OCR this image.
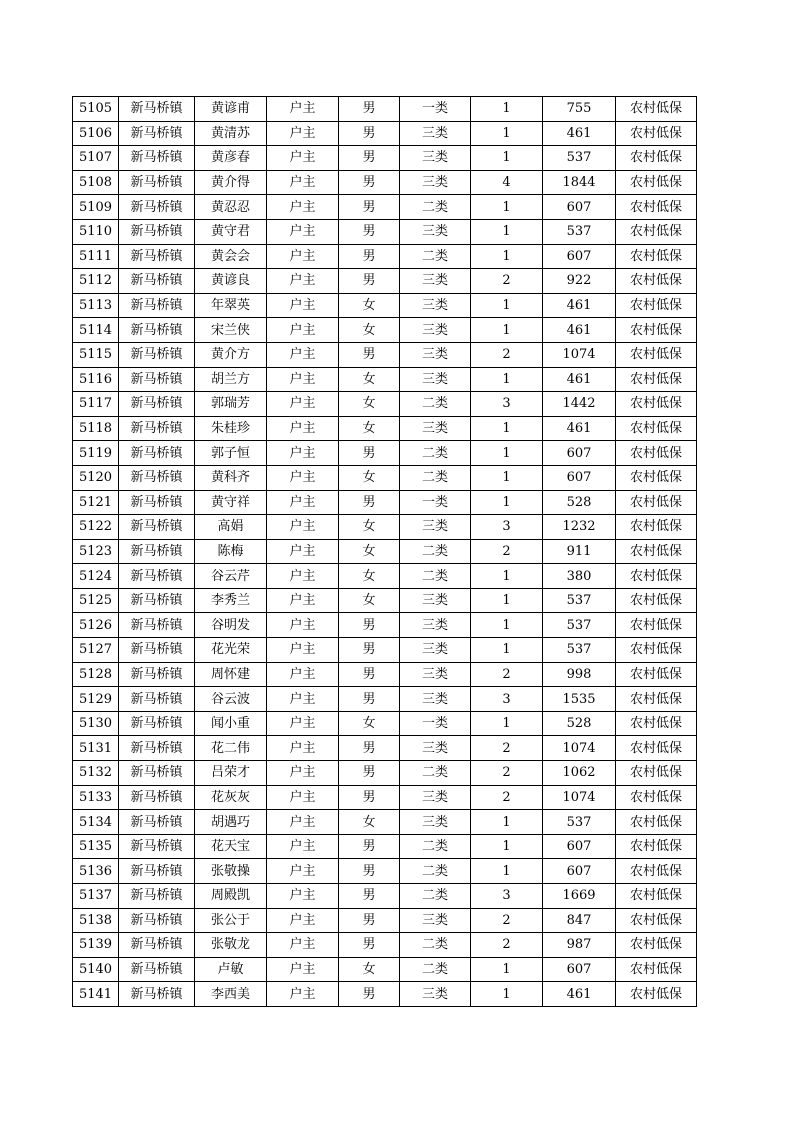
5105	新马桥镇	黄谚甫	户主	男	一类	1	755	农村低保
5106	新马桥镇	黄清苏	户主	男	三类	1	461	农村低保
5107	新马桥镇	黄彦春	户主	男	三类	1	537	农村低保
5108	新马桥镇	黄介得	户主	男	三类	4	1844	农村低保
5109	新马桥镇	黄忍忍	户主	男	二类	1	607	农村低保
5110	新马桥镇	黄守君	户主	男	三类	1	537	农村低保
5111	新马桥镇	黄会会	户主	男	二类	1	607	农村低保
5112	新马桥镇	黄谚良	户主	男	三类	2	922	农村低保
5113	新马桥镇	年翠英	户主	女	三类	1	461	农村低保
5114	新马桥镇	宋兰侠	户主	女	三类	1	461	农村低保
5115	新马桥镇	黄介方	户主	男	三类	2	1074	农村低保
5116	新马桥镇	胡兰方	户主	女	三类	1	461	农村低保
5117	新马桥镇	郭瑞芳	户主	女	二类	3	1442	农村低保
5118	新马桥镇	朱桂珍	户主	女	三类	1	461	农村低保
5119	新马桥镇	郭子恒	户主	男	二类	1	607	农村低保
5120	新马桥镇	黄科齐	户主	女	二类	1	607	农村低保
5121	新马桥镇	黄守祥	户主	男	一类	1	528	农村低保
5122	新马桥镇	高娟	户主	女	三类	3	1232	农村低保
5123	新马桥镇	陈梅	户主	女	二类	2	911	农村低保
5124	新马桥镇	谷云芹	户主	女	二类	1	380	农村低保
5125	新马桥镇	李秀兰	户主	女	三类	1	537	农村低保
5126	新马桥镇	谷明发	户主	男	三类	1	537	农村低保
5127	新马桥镇	花光荣	户主	男	三类	1	537	农村低保
5128	新马桥镇	周怀建	户主	男	三类	2	998	农村低保
5129	新马桥镇	谷云波	户主	男	三类	3	1535	农村低保
5130	新马桥镇	闻小重	户主	女	一类	1	528	农村低保
5131	新马桥镇	花二伟	户主	男	三类	2	1074	农村低保
5132	新马桥镇	吕荣才	户主	男	二类	2	1062	农村低保
5133	新马桥镇	花灰灰	户主	男	三类	2	1074	农村低保
5134	新马桥镇	胡遇巧	户主	女	三类	1	537	农村低保
5135	新马桥镇	花天宝	户主	男	二类	1	607	农村低保
5136	新马桥镇	张敬操	户主	男	二类	1	607	农村低保
5137	新马桥镇	周殿凯	户主	男	二类	3	1669	农村低保
5138	新马桥镇	张公于	户主	男	三类	2	847	农村低保
5139	新马桥镇	张敬龙	户主	男	二类	2	987	农村低保
5140	新马桥镇	卢敏	户主	女	二类	1	607	农村低保
5141	新马桥镇	李西美	户主	男	三类	1	461	农村低保
